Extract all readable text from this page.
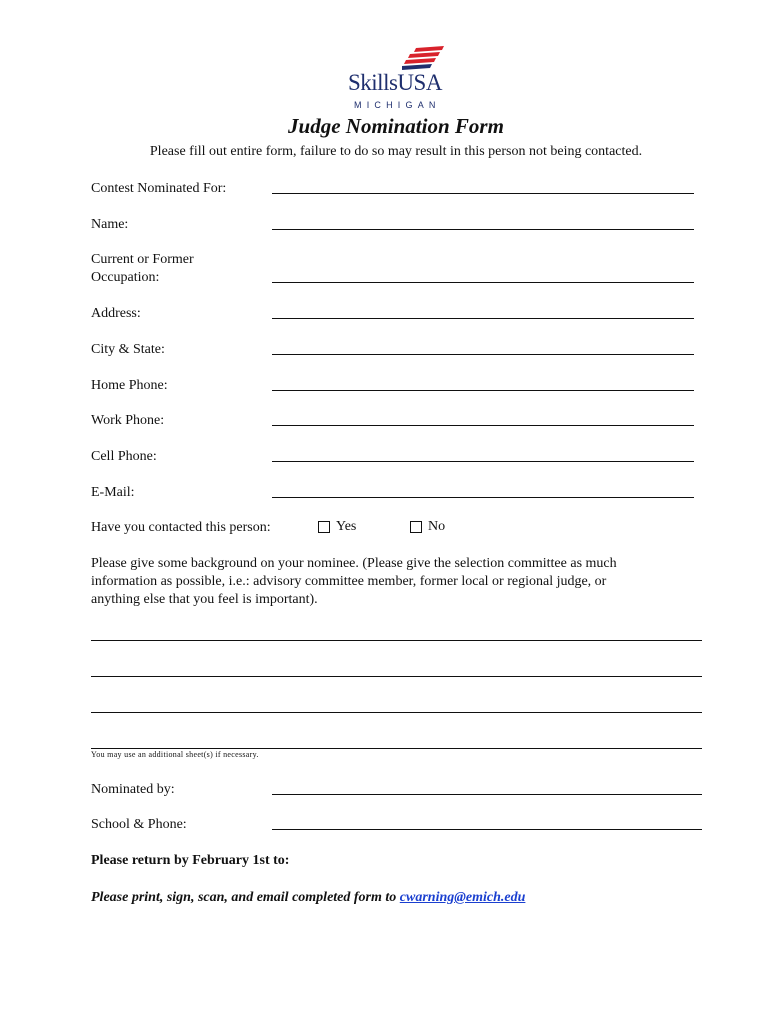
SkillsUSA
MICHIGAN
Judge Nomination Form
Please fill out entire form, failure to do so may result in this person not being contacted.
Contest Nominated For:
Name:
Current or Former
Occupation:
Address:
City & State:
Home Phone:
Work Phone:
Cell Phone:
E-Mail:
Have you contacted this person:	Yes	No
Please give some background on your nominee. (Please give the selection committee as much
information as possible, i.e.: advisory committee member, former local or regional judge, or
anything else that you feel is important).
You may use an additional sheet(s) if necessary.
Nominated by:
School & Phone:
Please return by February 1st to:
Please print, sign, scan, and email completed form to cwarning@emich.edu
